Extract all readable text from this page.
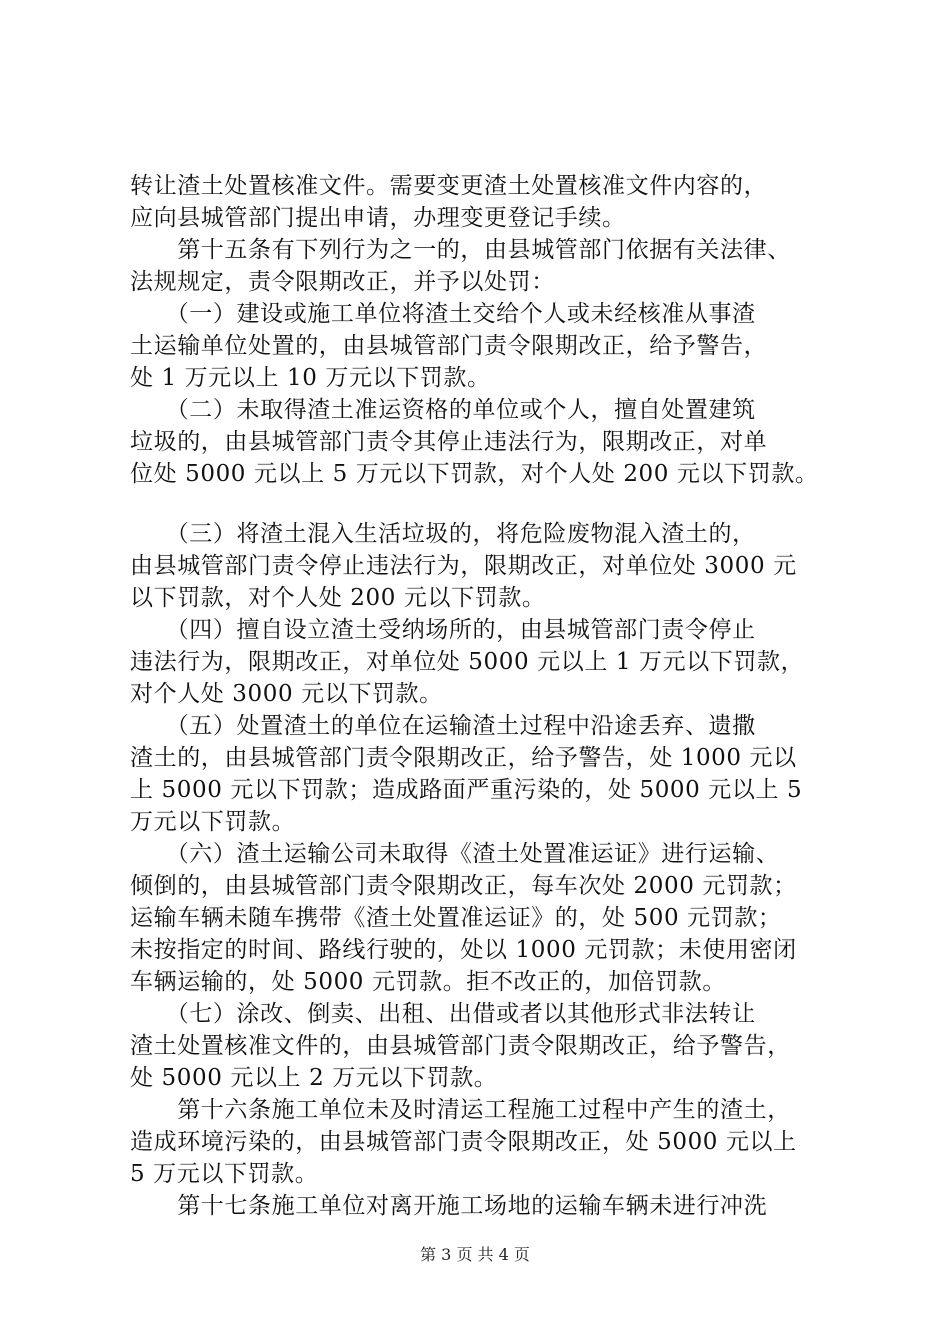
转让渣土处置核准文件。需要变更渣土处置核准文件内容的，
应向县城管部门提出申请，办理变更登记手续。
　　第十五条有下列行为之一的，由县城管部门依据有关法律、
法规规定，责令限期改正，并予以处罚：
　　（一）建设或施工单位将渣土交给个人或未经核准从事渣
土运输单位处置的，由县城管部门责令限期改正，给予警告，
处 1 万元以上 10 万元以下罚款。
　　（二）未取得渣土准运资格的单位或个人，擅自处置建筑
垃圾的，由县城管部门责令其停止违法行为，限期改正，对单
位处 5000 元以上 5 万元以下罚款，对个人处 200 元以下罚款。
　　（三）将渣土混入生活垃圾的，将危险废物混入渣土的，
由县城管部门责令停止违法行为，限期改正，对单位处 3000 元
以下罚款，对个人处 200 元以下罚款。
　　（四）擅自设立渣土受纳场所的，由县城管部门责令停止
违法行为，限期改正，对单位处 5000 元以上 1 万元以下罚款，
对个人处 3000 元以下罚款。
　　（五）处置渣土的单位在运输渣土过程中沿途丢弃、遗撒
渣土的，由县城管部门责令限期改正，给予警告，处 1000 元以
上 5000 元以下罚款；造成路面严重污染的，处 5000 元以上 5
万元以下罚款。
　　（六）渣土运输公司未取得《渣土处置准运证》进行运输、
倾倒的，由县城管部门责令限期改正，每车次处 2000 元罚款；
运输车辆未随车携带《渣土处置准运证》的，处 500 元罚款；
未按指定的时间、路线行驶的，处以 1000 元罚款；未使用密闭
车辆运输的，处 5000 元罚款。拒不改正的，加倍罚款。
　　（七）涂改、倒卖、出租、出借或者以其他形式非法转让
渣土处置核准文件的，由县城管部门责令限期改正，给予警告，
处 5000 元以上 2 万元以下罚款。
　　第十六条施工单位未及时清运工程施工过程中产生的渣土，
造成环境污染的，由县城管部门责令限期改正，处 5000 元以上
5 万元以下罚款。
　　第十七条施工单位对离开施工场地的运输车辆未进行冲洗
第 3 页 共 4 页
